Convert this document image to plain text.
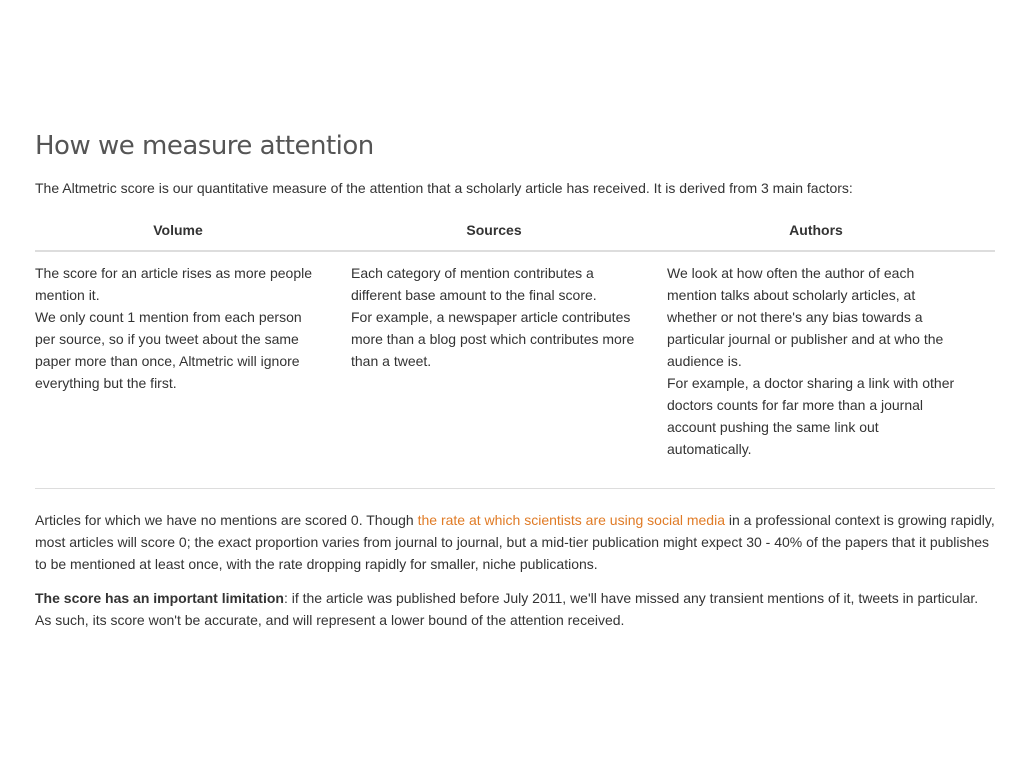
How we measure attention

The Altmetric score is our quantitative measure of the attention that a scholarly article has received. It is derived from 3 main factors:

Volume	Sources	Authors

The score for an article rises as more people mention it.

We only count 1 mention from each person per source, so if you tweet about the same paper more than once, Altmetric will ignore everything but the first.

Each category of mention contributes a different base amount to the final score.

For example, a newspaper article contributes more than a blog post which contributes more than a tweet.

We look at how often the author of each mention talks about scholarly articles, at whether or not there's any bias towards a particular journal or publisher and at who the audience is.

For example, a doctor sharing a link with other doctors counts for far more than a journal account pushing the same link out automatically.

Articles for which we have no mentions are scored 0. Though the rate at which scientists are using social media in a professional context is growing rapidly, most articles will score 0; the exact proportion varies from journal to journal, but a mid-tier publication might expect 30 - 40% of the papers that it publishes to be mentioned at least once, with the rate dropping rapidly for smaller, niche publications.

The score has an important limitation: if the article was published before July 2011, we'll have missed any transient mentions of it, tweets in particular. As such, its score won't be accurate, and will represent a lower bound of the attention received.
